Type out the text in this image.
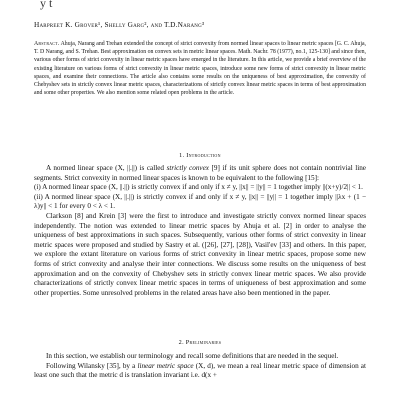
y t
Harpreet K. Grover¹, Shelly Garg², and T.D.Narang³

Abstract. Ahuja, Narang and Trehan extended the concept of strict convexity from normed linear spaces to linear metric spaces [G. C. Ahuja, T. D Narang, and S. Trehan. Best approximation on convex sets in metric linear spaces. Math. Nachr. 78 (1977), no.1, 125-130] and since then, various other forms of strict convexity in linear metric spaces have emerged in the literature. In this article, we provide a brief overview of the existing literature on various forms of strict convexity in linear metric spaces, introduce some new forms of strict convexity in linear metric spaces, and examine their connections. The article also contains some results on the uniqueness of best approximation, the convexity of Chebyshev sets in strictly convex linear metric spaces, characterizations of strictly convex linear metric spaces in terms of best approximation and some other properties. We also mention some related open problems in the article.

1. Introduction

A normed linear space (X, ||.||) is called strictly convex [9] if its unit sphere does not contain nontrivial line segments. Strict convexity in normed linear spaces is known to be equivalent to the following [15]:

(i) A normed linear space (X, ||.||) is strictly convex if and only if x ≠ y, ||x|| = ||y|| = 1 together imply ||(x+y)/2|| < 1.

(ii) A normed linear space (X, ||.||) is strictly convex if and only if x ≠ y, ||x|| = ||y|| = 1 together imply ||λx + (1 − λ)y|| < 1 for every 0 < λ < 1.

Clarkson [8] and Krein [3] were the first to introduce and investigate strictly convex normed linear spaces independently. The notion was extended to linear metric spaces by Ahuja et al. [2] in order to analyse the uniqueness of best approximations in such spaces. Subsequently, various other forms of strict convexity in linear metric spaces were proposed and studied by Sastry et al. ([26], [27], [28]), Vasil'ev [33] and others. In this paper, we explore the extant literature on various forms of strict convexity in linear metric spaces, propose some new forms of strict convexity and analyse their inter connections. We discuss some results on the uniqueness of best approximation and on the convexity of Chebyshev sets in strictly convex linear metric spaces. We also provide characterizations of strictly convex linear metric spaces in terms of uniqueness of best approximation and some other properties. Some unresolved problems in the related areas have also been mentioned in the paper.

2. Preliminaries

In this section, we establish our terminology and recall some definitions that are needed in the sequel.

Following Wilansky [35], by a linear metric space (X, d), we mean a real linear metric space of dimension at least one such that the metric d is translation invariant i.e. d(x +
